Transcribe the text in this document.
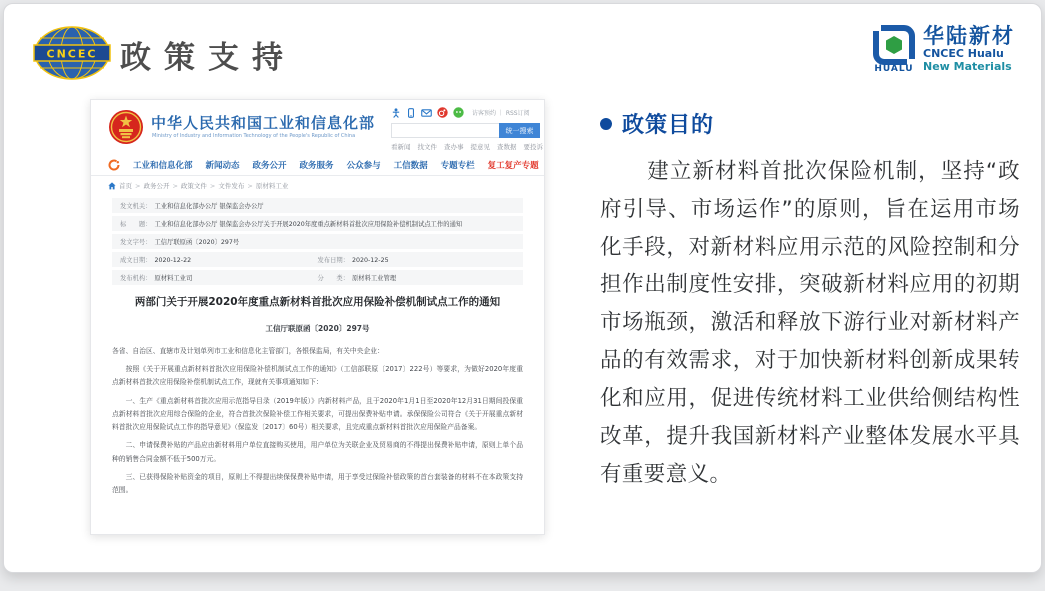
CNCEC 政策支持	HUALU
华陆新材
CNCEC Hualu
New Materials
中华人民共和国工业和信息化部
Ministry of Industry and Information Technology of the People's Republic of China
访客预约 ｜ RSS订阅
统一搜索
看新闻 找文件 查办事 提意见 查数据 要投诉
工业和信息化部 新闻动态 政务公开 政务服务 公众参与 工信数据 专题专栏 复工复产专题
首页 > 政务公开 > 政策文件 > 文件发布 > 原材料工业
发文机关： 工业和信息化部办公厅 银保监会办公厅
标　　题： 工业和信息化部办公厅 银保监会办公厅关于开展2020年度重点新材料首批次应用保险补偿机制试点工作的通知
发文字号： 工信厅联原函〔2020〕297号
成文日期： 2020-12-22	发布日期： 2020-12-25
发布机构： 原材料工业司	分　　类： 原材料工业管理
两部门关于开展2020年度重点新材料首批次应用保险补偿机制试点工作的通知
工信厅联原函〔2020〕297号

各省、自治区、直辖市及计划单列市工业和信息化主管部门，各银保监局，有关中央企业：

按照《关于开展重点新材料首批次应用保险补偿机制试点工作的通知》（工信部联原〔2017〕222号）等要求，为做好2020年度重点新材料首批次应用保险补偿机制试点工作，现就有关事项通知如下：

一、生产《重点新材料首批次应用示范指导目录（2019年版）》内新材料产品，且于2020年1月1日至2020年12月31日期间投保重点新材料首批次应用综合保险的企业，符合首批次保险补偿工作相关要求，可提出保费补贴申请。承保保险公司符合《关于开展重点新材料首批次应用保险试点工作的指导意见》（保监发〔2017〕60号）相关要求，且完成重点新材料首批次应用保险产品备案。

二、申请保费补贴的产品应由新材料用户单位直接购买使用，用户单位为关联企业及贸易商的不得提出保费补贴申请，原则上单个品种的销售合同金额不低于500万元。

三、已获得保险补贴资金的项目，原则上不得提出续保保费补贴申请，用于享受过保险补偿政策的首台套装备的材料不在本政策支持范围。

政策目的

建立新材料首批次保险机制，坚持“政府引导、市场运作”的原则，旨在运用市场化手段，对新材料应用示范的风险控制和分担作出制度性安排，突破新材料应用的初期市场瓶颈，激活和释放下游行业对新材料产品的有效需求，对于加快新材料创新成果转化和应用，促进传统材料工业供给侧结构性改革，提升我国新材料产业整体发展水平具有重要意义。
